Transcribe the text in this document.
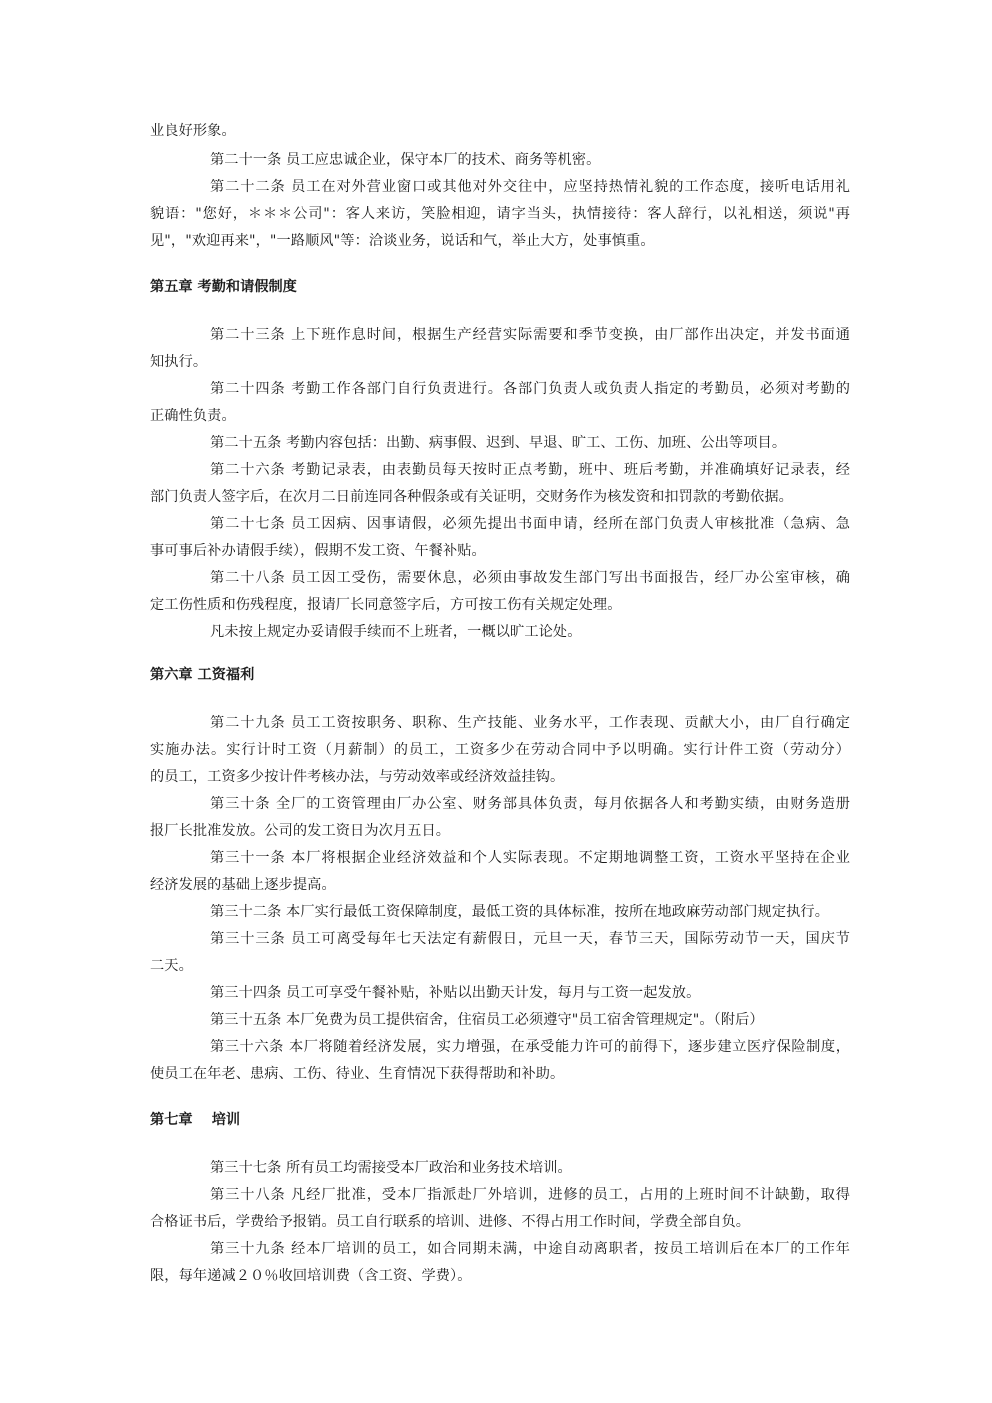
业良好形象。
第二十一条 员工应忠诚企业，保守本厂的技术、商务等机密。
第二十二条 员工在对外营业窗口或其他对外交往中，应坚持热情礼貌的工作态度，接听电话用礼
貌语："您好，＊＊＊公司"：客人来访，笑脸相迎，请字当头，执情接待：客人辞行，以礼相送，须说"再
见"，"欢迎再来"，"一路顺风"等：洽谈业务，说话和气，举止大方，处事慎重。
第五章 考勤和请假制度
第二十三条 上下班作息时间，根据生产经营实际需要和季节变换，由厂部作出决定，并发书面通
知执行。
第二十四条 考勤工作各部门自行负责进行。各部门负责人或负责人指定的考勤员，必须对考勤的
正确性负责。
第二十五条 考勤内容包括：出勤、病事假、迟到、早退、旷工、工伤、加班、公出等项目。
第二十六条 考勤记录表，由表勤员每天按时正点考勤，班中、班后考勤，并准确填好记录表，经
部门负责人签字后，在次月二日前连同各种假条或有关证明，交财务作为核发资和扣罚款的考勤依据。
第二十七条 员工因病、因事请假，必须先提出书面申请，经所在部门负责人审核批准（急病、急
事可事后补办请假手续），假期不发工资、午餐补贴。
第二十八条 员工因工受伤，需要休息，必须由事故发生部门写出书面报告，经厂办公室审核，确
定工伤性质和伤残程度，报请厂长同意签字后，方可按工伤有关规定处理。
凡未按上规定办妥请假手续而不上班者，一概以旷工论处。
第六章 工资福利
第二十九条 员工工资按职务、职称、生产技能、业务水平，工作表现、贡献大小，由厂自行确定
实施办法。实行计时工资（月薪制）的员工，工资多少在劳动合同中予以明确。实行计件工资（劳动分）
的员工，工资多少按计件考核办法，与劳动效率或经济效益挂钩。
第三十条 全厂的工资管理由厂办公室、财务部具体负责，每月依据各人和考勤实绩，由财务造册
报厂长批准发放。公司的发工资日为次月五日。
第三十一条 本厂将根据企业经济效益和个人实际表现。不定期地调整工资，工资水平坚持在企业
经济发展的基础上逐步提高。
第三十二条 本厂实行最低工资保障制度，最低工资的具体标准，按所在地政麻劳动部门规定执行。
第三十三条 员工可离受每年七天法定有薪假日，元旦一天，春节三天，国际劳动节一天，国庆节
二天。
第三十四条 员工可享受午餐补贴，补贴以出勤天计发，每月与工资一起发放。
第三十五条 本厂免费为员工提供宿舍，住宿员工必须遵守"员工宿舍管理规定"。（附后）
第三十六条 本厂将随着经济发展，实力增强，在承受能力许可的前得下，逐步建立医疗保险制度，
使员工在年老、患病、工伤、待业、生育情况下获得帮助和补助。
第七章　 培训
第三十七条 所有员工均需接受本厂政治和业务技术培训。
第三十八条 凡经厂批准，受本厂指派赴厂外培训，进修的员工，占用的上班时间不计缺勤，取得
合格证书后，学费给予报销。员工自行联系的培训、进修、不得占用工作时间，学费全部自负。
第三十九条 经本厂培训的员工，如合同期未满，中途自动离职者，按员工培训后在本厂的工作年
限，每年递减２０％收回培训费（含工资、学费）。
